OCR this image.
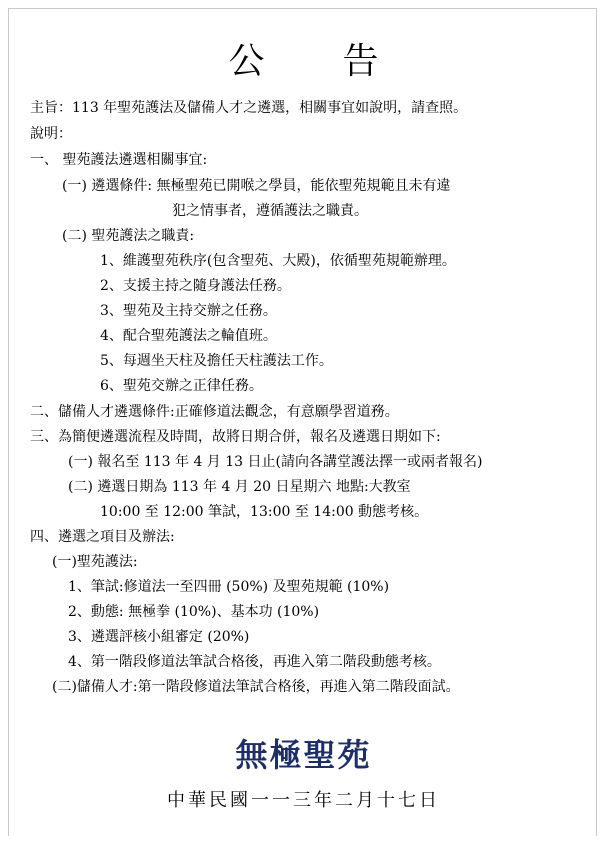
公告
主旨：113 年聖苑護法及儲備人才之遴選，相關事宜如說明，請查照。
說明：
一、 聖苑護法遴選相關事宜:
(一) 遴選條件: 無極聖苑已開喉之學員，能依聖苑規範且未有違
犯之情事者，遵循護法之職責。
(二) 聖苑護法之職責:
1、維護聖苑秩序(包含聖苑、大殿)，依循聖苑規範辦理。
2、支援主持之隨身護法任務。
3、聖苑及主持交辦之任務。
4、配合聖苑護法之輪值班。
5、每週坐天柱及擔任天柱護法工作。
6、聖苑交辦之正律任務。
二、儲備人才遴選條件:正確修道法觀念，有意願學習道務。
三、為簡便遴選流程及時間，故將日期合併，報名及遴選日期如下:
(一) 報名至 113 年 4 月 13 日止(請向各講堂護法擇一或兩者報名)
(二) 遴選日期為 113 年 4 月 20 日星期六 地點:大教室
10:00 至 12:00 筆試，13:00 至 14:00 動態考核。
四、遴選之項目及辦法:
(一)聖苑護法:
1、筆試:修道法一至四冊 (50%) 及聖苑規範 (10%)
2、動態: 無極拳 (10%)、基本功 (10%)
3、遴選評核小組審定 (20%)
4、第一階段修道法筆試合格後，再進入第二階段動態考核。
(二)儲備人才:第一階段修道法筆試合格後，再進入第二階段面試。
無極聖苑
中華民國一一三年二月十七日
